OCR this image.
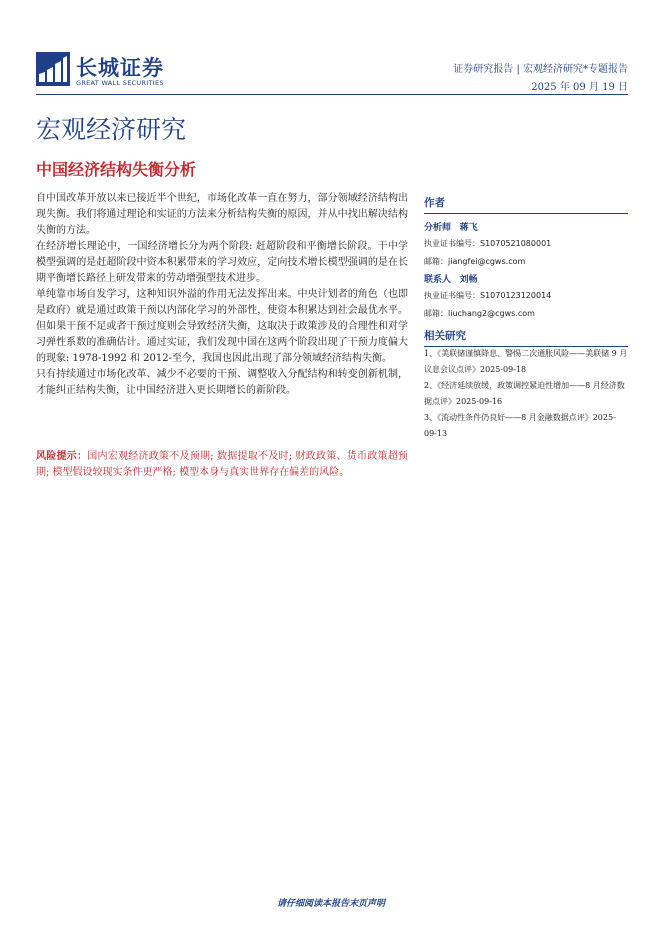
长城证券
GREAT WALL SECURITIES
证券研究报告 | 宏观经济研究*专题报告
2025 年 09 月 19 日
宏观经济研究
中国经济结构失衡分析

自中国改革开放以来已接近半个世纪，市场化改革一直在努力，部分领域经济结构出现失衡。我们将通过理论和实证的方法来分析结构失衡的原因，并从中找出解决结构失衡的方法。

在经济增长理论中，一国经济增长分为两个阶段: 赶超阶段和平衡增长阶段。干中学模型强调的是赶超阶段中资本积累带来的学习效应，定向技术增长模型强调的是在长期平衡增长路径上研发带来的劳动增强型技术进步。

单纯靠市场自发学习，这种知识外溢的作用无法发挥出来。中央计划者的角色（也即是政府）就是通过政策干预以内部化学习的外部性，使资本积累达到社会最优水平。但如果干预不足或者干预过度则会导致经济失衡，这取决于政策涉及的合理性和对学习弹性系数的准确估计。通过实证，我们发现中国在这两个阶段出现了干预力度偏大的现象: 1978-1992 和 2012-至今，我国也因此出现了部分领域经济结构失衡。

只有持续通过市场化改革、减少不必要的干预、调整收入分配结构和转变创新机制，才能纠正结构失衡，让中国经济进入更长期增长的新阶段。

风险提示：国内宏观经济政策不及预期; 数据提取不及时; 财政政策、货币政策超预期; 模型假设较现实条件更严格; 模型本身与真实世界存在偏差的风险。
作者
分析师 蒋飞
执业证书编号：S1070521080001
邮箱：jiangfei@cgws.com
联系人 刘畅
执业证书编号：S1070123120014
邮箱：liuchang2@cgws.com
相关研究

1、《美联储谨慎降息、警惕二次通胀风险——美联储 9 月议息会议点评》2025-09-18

2、《经济延续放缓，政策调控紧迫性增加——8 月经济数据点评》2025-09-16

3、《流动性条件仍良好——8 月金融数据点评》2025-09-13

请仔细阅读本报告末页声明
